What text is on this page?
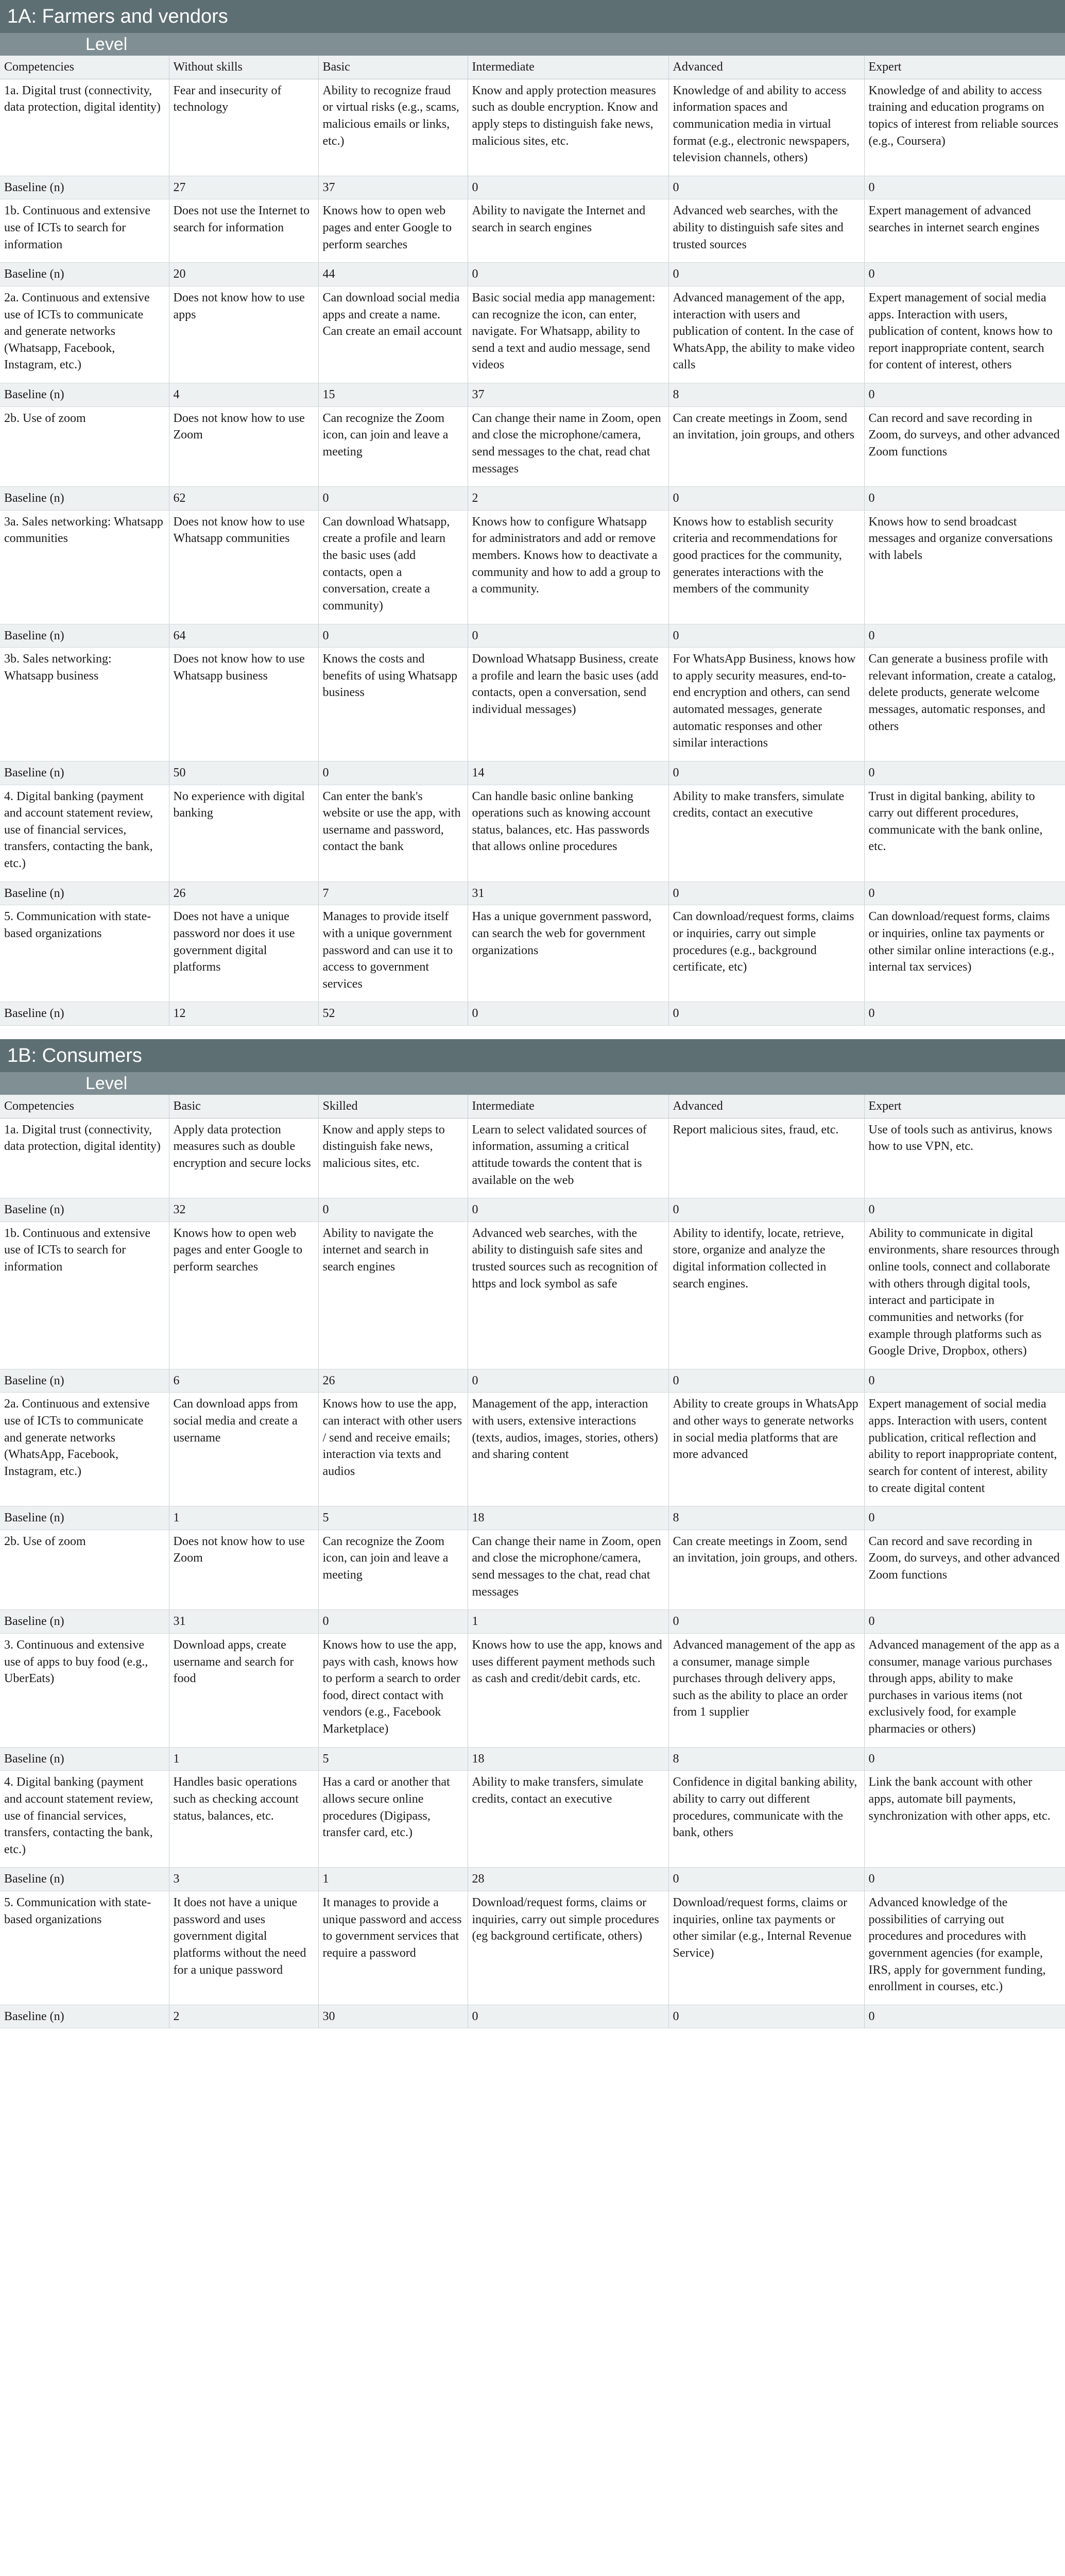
1A: Farmers and vendors
Level
Competencies	Without skills	Basic	Intermediate	Advanced	Expert
1a. Digital trust (connectivity, data protection, digital identity)	Fear and insecurity of technology	Ability to recognize fraud or virtual risks (e.g., scams, malicious emails or links, etc.)	Know and apply protection measures such as double encryption. Know and apply steps to distinguish fake news, malicious sites, etc.	Knowledge of and ability to access information spaces and communication media in virtual format (e.g., electronic newspapers, television channels, others)	Knowledge of and ability to access training and education programs on topics of interest from reliable sources (e.g., Coursera)
Baseline (n)	27	37	0	0	0
1b. Continuous and extensive use of ICTs to search for information	Does not use the Internet to search for information	Knows how to open web pages and enter Google to perform searches	Ability to navigate the Internet and search in search engines	Advanced web searches, with the ability to distinguish safe sites and trusted sources	Expert management of advanced searches in internet search engines
Baseline (n)	20	44	0	0	0
2a. Continuous and extensive use of ICTs to communicate and generate networks (Whatsapp, Facebook, Instagram, etc.)	Does not know how to use apps	Can download social media apps and create a name. Can create an email account	Basic social media app management: can recognize the icon, can enter, navigate. For Whatsapp, ability to send a text and audio message, send videos	Advanced management of the app, interaction with users and publication of content. In the case of WhatsApp, the ability to make video calls	Expert management of social media apps. Interaction with users, publication of content, knows how to report inappropriate content, search for content of interest, others
Baseline (n)	4	15	37	8	0
2b. Use of zoom	Does not know how to use Zoom	Can recognize the Zoom icon, can join and leave a meeting	Can change their name in Zoom, open and close the microphone/camera, send messages to the chat, read chat messages	Can create meetings in Zoom, send an invitation, join groups, and others	Can record and save recording in Zoom, do surveys, and other advanced Zoom functions
Baseline (n)	62	0	2	0	0
3a. Sales networking: Whatsapp communities	Does not know how to use Whatsapp communities	Can download Whatsapp, create a profile and learn the basic uses (add contacts, open a conversation, create a community)	Knows how to configure Whatsapp for administrators and add or remove members. Knows how to deactivate a community and how to add a group to a community.	Knows how to establish security criteria and recommendations for good practices for the community, generates interactions with the members of the community	Knows how to send broadcast messages and organize conversations with labels
Baseline (n)	64	0	0	0	0
3b. Sales networking: Whatsapp business	Does not know how to use Whatsapp business	Knows the costs and benefits of using Whatsapp business	Download Whatsapp Business, create a profile and learn the basic uses (add contacts, open a conversation, send individual messages)	For WhatsApp Business, knows how to apply security measures, end-to-end encryption and others, can send automated messages, generate automatic responses and other similar interactions	Can generate a business profile with relevant information, create a catalog, delete products, generate welcome messages, automatic responses, and others
Baseline (n)	50	0	14	0	0
4. Digital banking (payment and account statement review, use of financial services, transfers, contacting the bank, etc.)	No experience with digital banking	Can enter the bank's website or use the app, with username and password, contact the bank	Can handle basic online banking operations such as knowing account status, balances, etc. Has passwords that allows online procedures	Ability to make transfers, simulate credits, contact an executive	Trust in digital banking, ability to carry out different procedures, communicate with the bank online, etc.
Baseline (n)	26	7	31	0	0
5. Communication with state-based organizations	Does not have a unique password nor does it use government digital platforms	Manages to provide itself with a unique government password and can use it to access to government services	Has a unique government password, can search the web for government organizations	Can download/request forms, claims or inquiries, carry out simple procedures (e.g., background certificate, etc)	Can download/request forms, claims or inquiries, online tax payments or other similar online interactions (e.g., internal tax services)
Baseline (n)	12	52	0	0	0
1B: Consumers
Level
Competencies	Basic	Skilled	Intermediate	Advanced	Expert
1a. Digital trust (connectivity, data protection, digital identity)	Apply data protection measures such as double encryption and secure locks	Know and apply steps to distinguish fake news, malicious sites, etc.	Learn to select validated sources of information, assuming a critical attitude towards the content that is available on the web	Report malicious sites, fraud, etc.	Use of tools such as antivirus, knows how to use VPN, etc.
Baseline (n)	32	0	0	0	0
1b. Continuous and extensive use of ICTs to search for information	Knows how to open web pages and enter Google to perform searches	Ability to navigate the internet and search in search engines	Advanced web searches, with the ability to distinguish safe sites and trusted sources such as recognition of https and lock symbol as safe	Ability to identify, locate, retrieve, store, organize and analyze the digital information collected in search engines.	Ability to communicate in digital environments, share resources through online tools, connect and collaborate with others through digital tools, interact and participate in communities and networks (for example through platforms such as Google Drive, Dropbox, others)
Baseline (n)	6	26	0	0	0
2a. Continuous and extensive use of ICTs to communicate and generate networks (WhatsApp, Facebook, Instagram, etc.)	Can download apps from social media and create a username	Knows how to use the app, can interact with other users / send and receive emails; interaction via texts and audios	Management of the app, interaction with users, extensive interactions (texts, audios, images, stories, others) and sharing content	Ability to create groups in WhatsApp and other ways to generate networks in social media platforms that are more advanced	Expert management of social media apps. Interaction with users, content publication, critical reflection and ability to report inappropriate content, search for content of interest, ability to create digital content
Baseline (n)	1	5	18	8	0
2b. Use of zoom	Does not know how to use Zoom	Can recognize the Zoom icon, can join and leave a meeting	Can change their name in Zoom, open and close the microphone/camera, send messages to the chat, read chat messages	Can create meetings in Zoom, send an invitation, join groups, and others.	Can record and save recording in Zoom, do surveys, and other advanced Zoom functions
Baseline (n)	31	0	1	0	0
3. Continuous and extensive use of apps to buy food (e.g., UberEats)	Download apps, create username and search for food	Knows how to use the app, pays with cash, knows how to perform a search to order food, direct contact with vendors (e.g., Facebook Marketplace)	Knows how to use the app, knows and uses different payment methods such as cash and credit/debit cards, etc.	Advanced management of the app as a consumer, manage simple purchases through delivery apps, such as the ability to place an order from 1 supplier	Advanced management of the app as a consumer, manage various purchases through apps, ability to make purchases in various items (not exclusively food, for example pharmacies or others)
Baseline (n)	1	5	18	8	0
4. Digital banking (payment and account statement review, use of financial services, transfers, contacting the bank, etc.)	Handles basic operations such as checking account status, balances, etc.	Has a card or another that allows secure online procedures (Digipass, transfer card, etc.)	Ability to make transfers, simulate credits, contact an executive	Confidence in digital banking ability, ability to carry out different procedures, communicate with the bank, others	Link the bank account with other apps, automate bill payments, synchronization with other apps, etc.
Baseline (n)	3	1	28	0	0
5. Communication with state-based organizations	It does not have a unique password and uses government digital platforms without the need for a unique password	It manages to provide a unique password and access to government services that require a password	Download/request forms, claims or inquiries, carry out simple procedures (eg background certificate, others)	Download/request forms, claims or inquiries, online tax payments or other similar (e.g., Internal Revenue Service)	Advanced knowledge of the possibilities of carrying out procedures and procedures with government agencies (for example, IRS, apply for government funding, enrollment in courses, etc.)
Baseline (n)	2	30	0	0	0
